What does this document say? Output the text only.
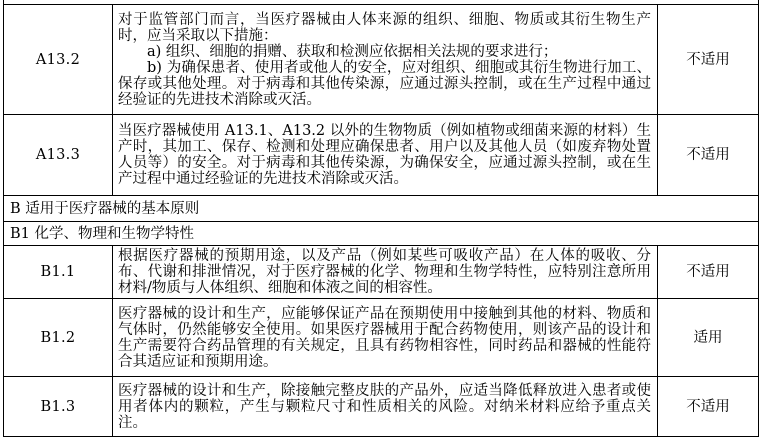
A13.2

对于监管部门而言，当医疗器械由人体来源的组织、细胞、物质或其衍生物生产时，应当采取以下措施：

a) 组织、细胞的捐赠、获取和检测应依据相关法规的要求进行；

b) 为确保患者、使用者或他人的安全，应对组织、细胞或其衍生物进行加工、保存或其他处理。对于病毒和其他传染源，应通过源头控制，或在生产过程中通过经验证的先进技术消除或灭活。

不适用
A13.3

当医疗器械使用 A13.1、A13.2 以外的生物物质（例如植物或细菌来源的材料）生产时，其加工、保存、检测和处理应确保患者、用户以及其他人员（如废弃物处置人员等）的安全。对于病毒和其他传染源，为确保安全，应通过源头控制，或在生产过程中通过经验证的先进技术消除或灭活。

不适用
B 适用于医疗器械的基本原则
B1 化学、物理和生物学特性
B1.1

根据医疗器械的预期用途，以及产品（例如某些可吸收产品）在人体的吸收、分布、代谢和排泄情况，对于医疗器械的化学、物理和生物学特性，应特别注意所用材料/物质与人体组织、细胞和体液之间的相容性。

不适用
B1.2

医疗器械的设计和生产，应能够保证产品在预期使用中接触到其他的材料、物质和气体时，仍然能够安全使用。如果医疗器械用于配合药物使用，则该产品的设计和生产需要符合药品管理的有关规定，且具有药物相容性，同时药品和器械的性能符合其适应证和预期用途。

适用
B1.3

医疗器械的设计和生产，除接触完整皮肤的产品外，应适当降低释放进入患者或使用者体内的颗粒，产生与颗粒尺寸和性质相关的风险。对纳米材料应给予重点关注。

不适用
